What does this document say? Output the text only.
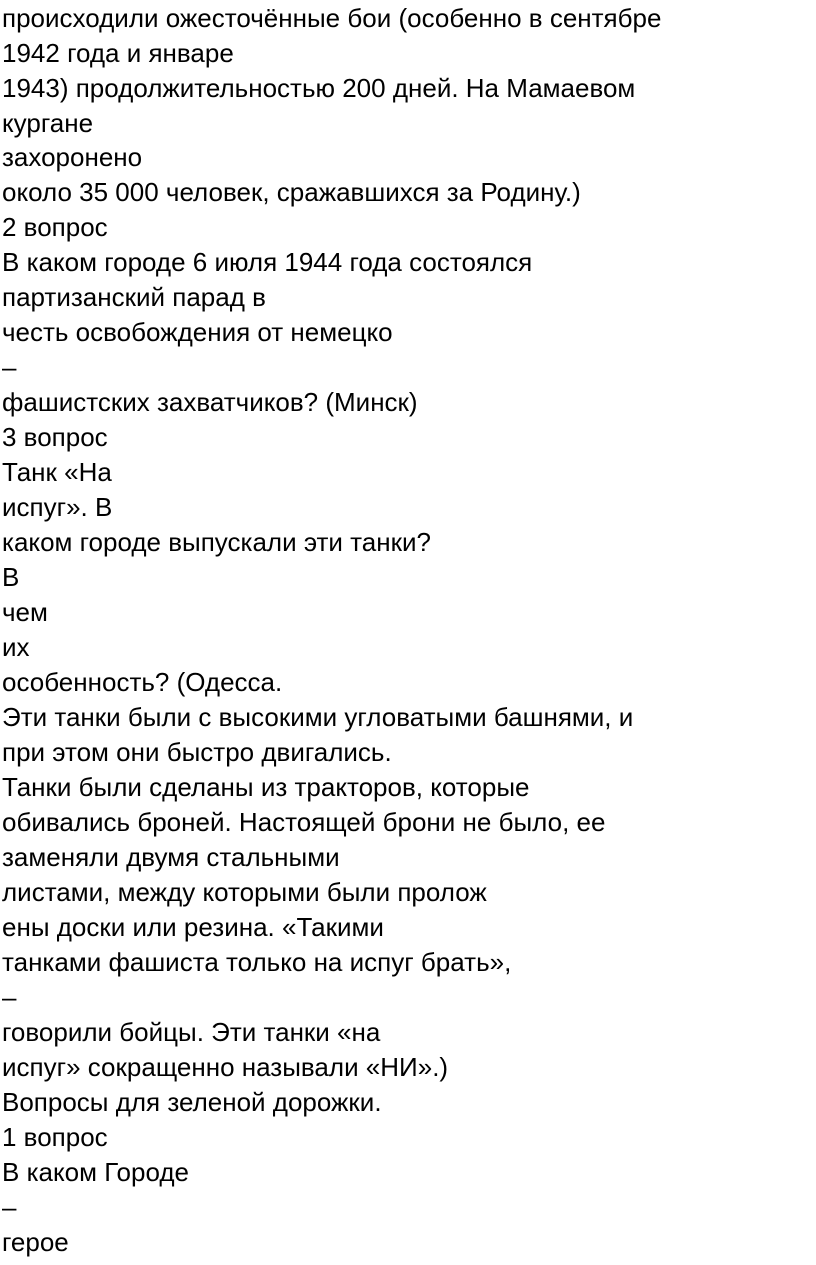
происходили ожесточённые бои (особенно в сентябре
1942 года и январе
1943) продолжительностью 200 дней. На Мамаевом
кургане
захоронено
около 35 000 человек, сражавшихся за Родину.)
2 вопрос
В каком городе 6 июля 1944 года состоялся
партизанский парад в
честь освобождения от немецко
–
фашистских захватчиков? (Минск)
3 вопрос
Танк «На
испуг». В
каком городе выпускали эти танки?
В
чем
их
особенность? (Одесса.
Эти танки были с высокими угловатыми башнями, и
при этом они быстро двигались.
Танки были сделаны из тракторов, которые
обивались броней. Настоящей брони не было, ее
заменяли двумя стальными
листами, между которыми были пролож
ены доски или резина. «Такими
танками фашиста только на испуг брать»,
–
говорили бойцы. Эти танки «на
испуг» сокращенно называли «НИ».)
Вопросы для зеленой дорожки.
1 вопрос
В каком Городе
–
герое
